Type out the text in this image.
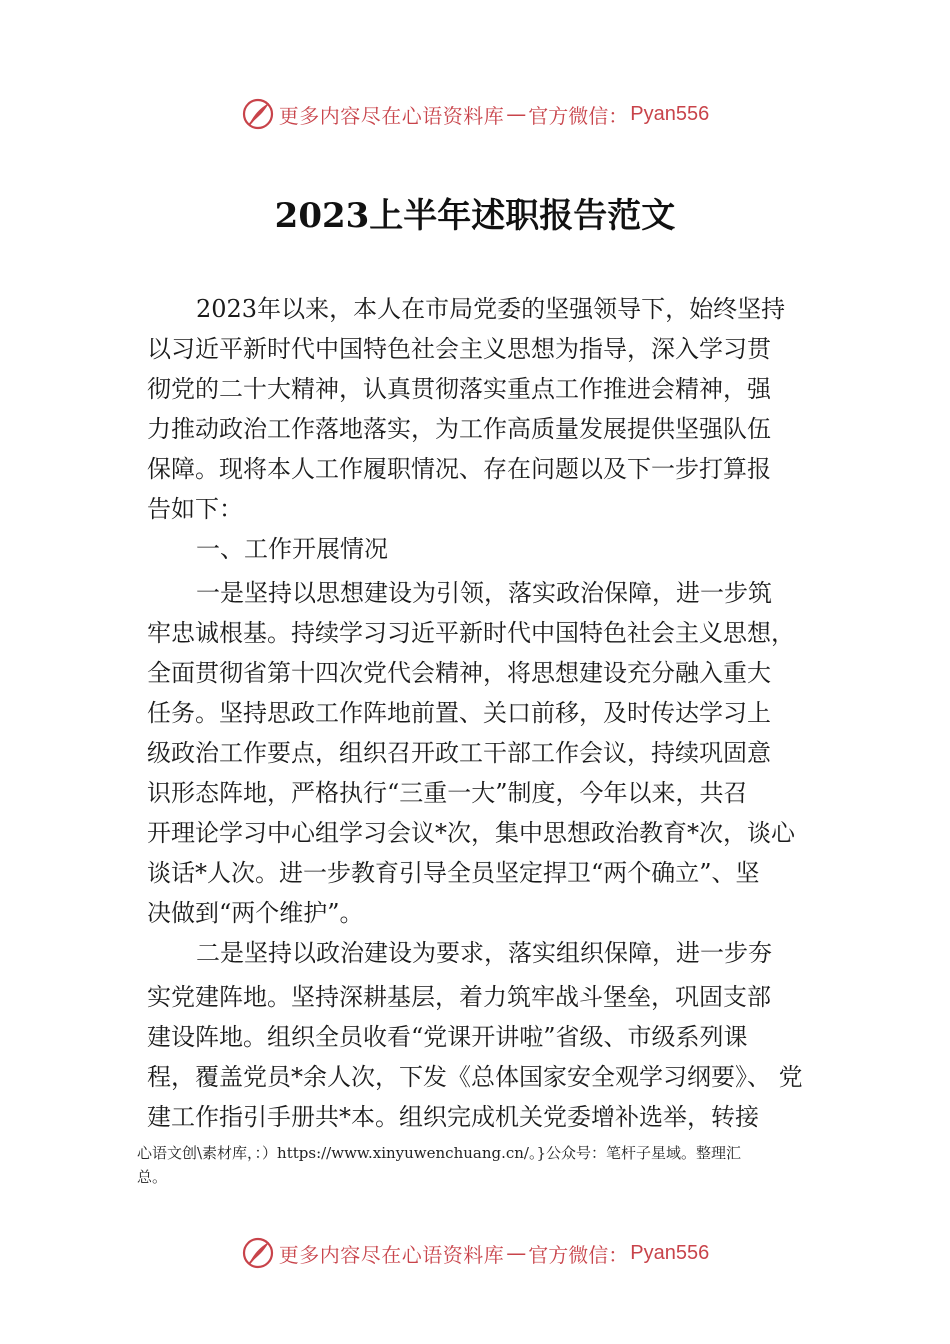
更多内容尽在心语资料库 — 官方微信： Pyan556
2023上半年述职报告范文
2023年以来，本人在市局党委的坚强领导下，始终坚持
以习近平新时代中国特色社会主义思想为指导，深入学习贯
彻党的二十大精神，认真贯彻落实重点工作推进会精神，强
力推动政治工作落地落实，为工作高质量发展提供坚强队伍
保障。现将本人工作履职情况、存在问题以及下一步打算报
告如下：
一、工作开展情况
一是坚持以思想建设为引领，落实政治保障，进一步筑
牢忠诚根基。持续学习习近平新时代中国特色社会主义思想，
全面贯彻省第十四次党代会精神，将思想建设充分融入重大
任务。坚持思政工作阵地前置、关口前移，及时传达学习上
级政治工作要点，组织召开政工干部工作会议，持续巩固意
识形态阵地，严格执行“三重一大”制度，今年以来，共召
开理论学习中心组学习会议*次，集中思想政治教育*次，谈心
谈话*人次。进一步教育引导全员坚定捍卫“两个确立”、坚
决做到“两个维护”。
二是坚持以政治建设为要求，落实组织保障，进一步夯
实党建阵地。坚持深耕基层，着力筑牢战斗堡垒，巩固支部
建设阵地。组织全员收看“党课开讲啦”省级、市级系列课
程，覆盖党员*余人次，下发《总体国家安全观学习纲要》、 党
建工作指引手册共*本。组织完成机关党委增补选举，转接
心语文创\素材库，：）https://www.xinyuwenchuang.cn/。}公众号：笔杆子星域。整理汇
总。
更多内容尽在心语资料库 — 官方微信： Pyan556
